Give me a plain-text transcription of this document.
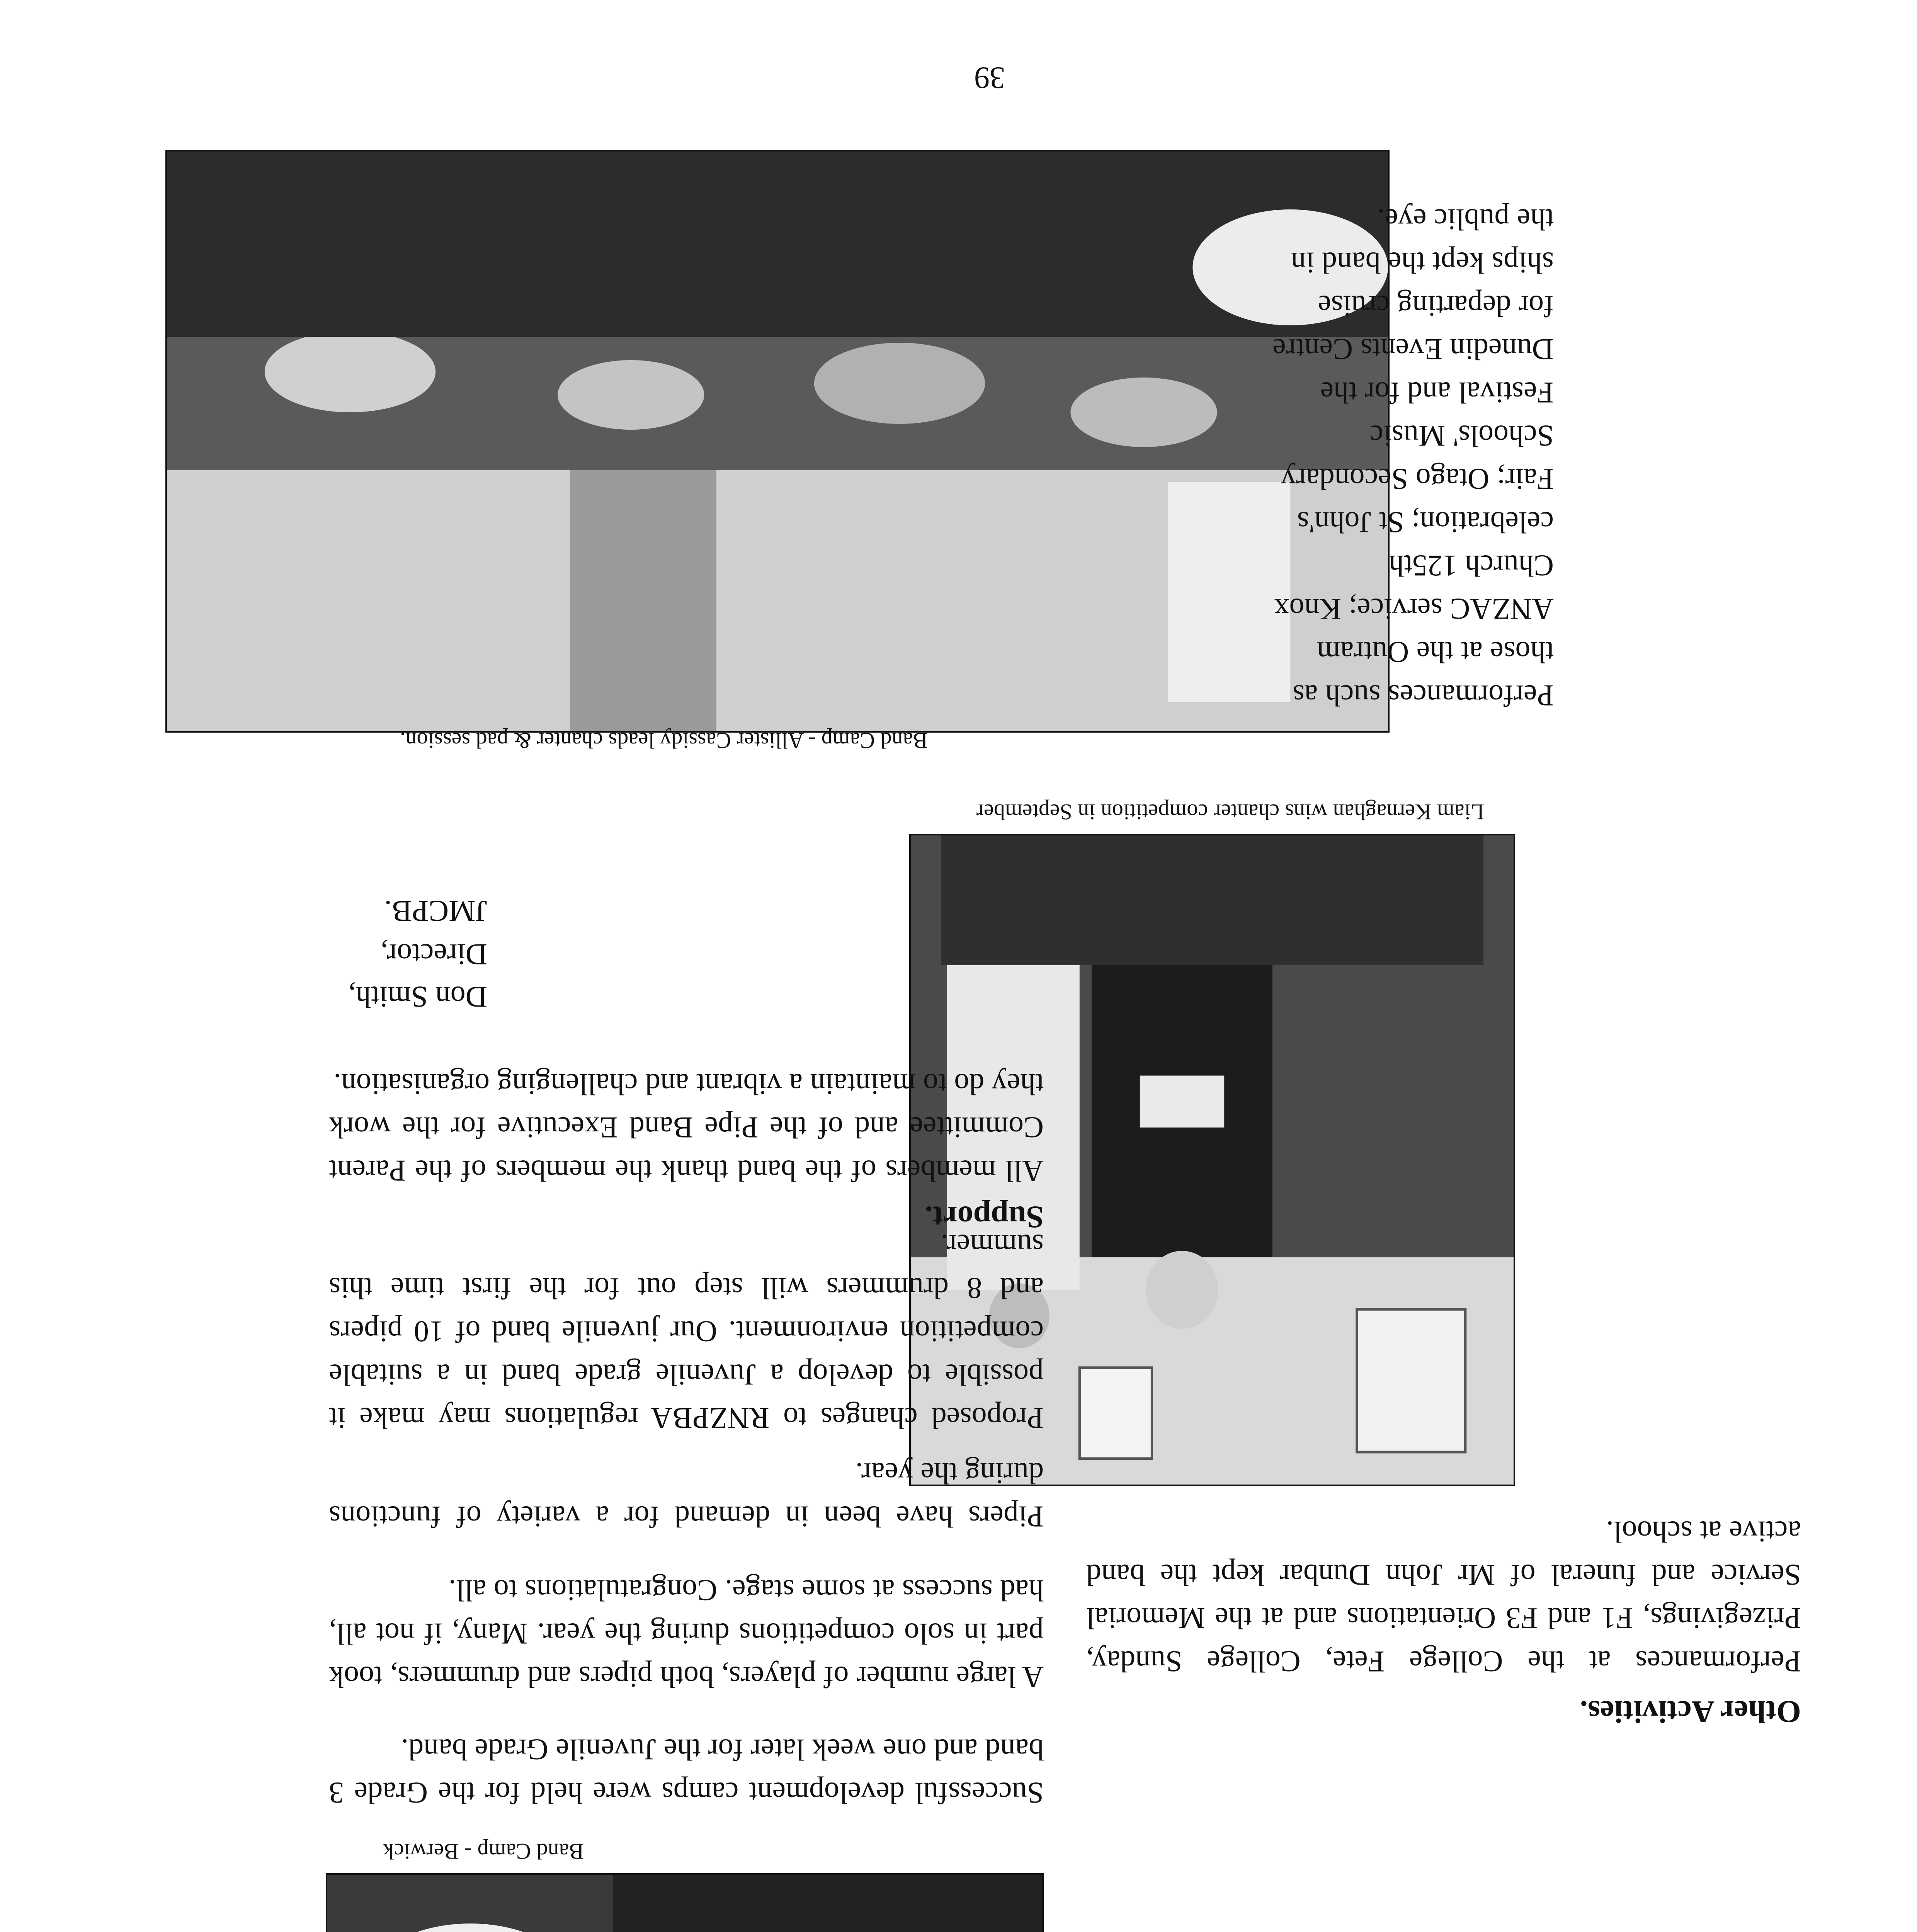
Other Activities.
Performances at the College Fete, College Sunday, Prizegivings, F1 and F3 Orientations and at the Memorial Service and funeral of Mr John Dunbar kept the band active at school.
Liam Kernaghan wins chanter competition in September
Band Camp - Berwick
Successful development camps were held for the Grade 3 band and one week later for the Juvenile Grade band.
A large number of players, both pipers and drummers, took part in solo competitions during the year. Many, if not all, had success at some stage. Congratulations to all.
Pipers have been in demand for a variety of functions during the year.
Proposed changes to RNZPBA regulations may make it possible to develop a Juvenile grade band in a suitable competition environment. Our juvenile band of 10 pipers and 8 drummers will step out for the first time this summer.
Support.
All members of the band thank the members of the Parent Committee and of the Pipe Band Executive for the work they do to maintain a vibrant and challenging organisation.
Don Smith,
Director, JMCPB.
Band Camp - Allister Cassidy leads chanter & pad session.
Performances such as
those at the Outram
ANZAC service; Knox
Church 125th
celebration; St John's
Fair; Otago Secondary
Schools' Music
Festival and for the
Dunedin Events Centre
for departing cruise
ships kept the band in
the public eye.
39
